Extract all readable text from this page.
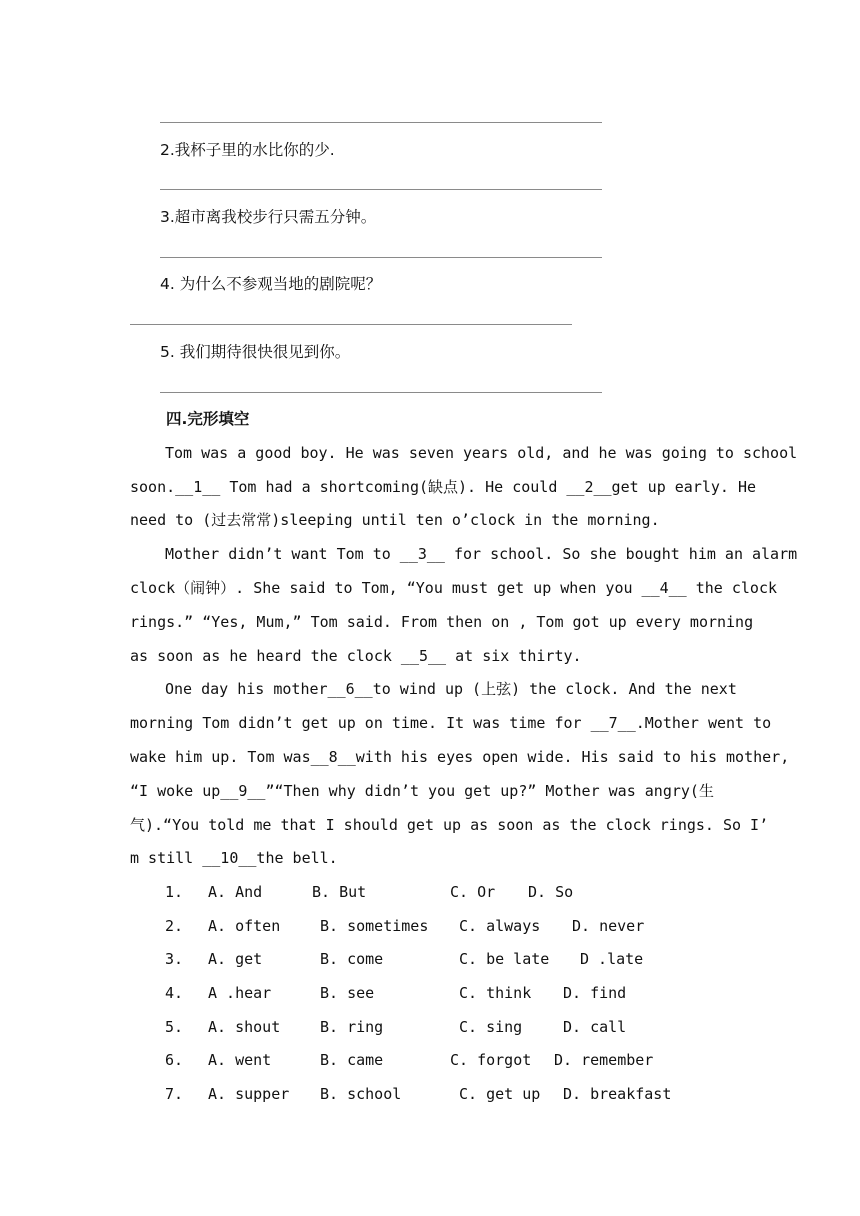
2.我杯子里的水比你的少.
3.超市离我校步行只需五分钟。
4. 为什么不参观当地的剧院呢？
5. 我们期待很快很见到你。
四.完形填空
Tom was a good boy. He was seven years old, and he was going to school
soon.__1__ Tom had a shortcoming(缺点). He could __2__get up early. He
need to (过去常常)sleeping until ten o’clock in the morning.
Mother didn’t want Tom to __3__ for school. So she bought him an alarm
clock（闹钟）. She said to Tom, “You must get up when you __4__ the clock
rings.” “Yes, Mum,” Tom said. From then on , Tom got up every morning
as soon as he heard the clock __5__ at six thirty.
One day his mother__6__to wind up (上弦) the clock. And the next
morning Tom didn’t get up on time. It was time for __7__.Mother went to
wake him up. Tom was__8__with his eyes open wide. His said to his mother,
“I woke up__9__”“Then why didn’t you get up?” Mother was angry(生
气).“You told me that I should get up as soon as the clock rings. So I’
m still __10__the bell.
1. A. And	B. But	C. Or D. So
2. A. often	B. sometimes C. always D. never
3. A. get	B. come	C. be late D .late
4. A .hear	B. see	C. think D. find
5. A. shout	B. ring	C. sing	D. call
6. A. went	B. came	C. forgot D. remember
7. A. supper B. school	C. get up D. breakfast
